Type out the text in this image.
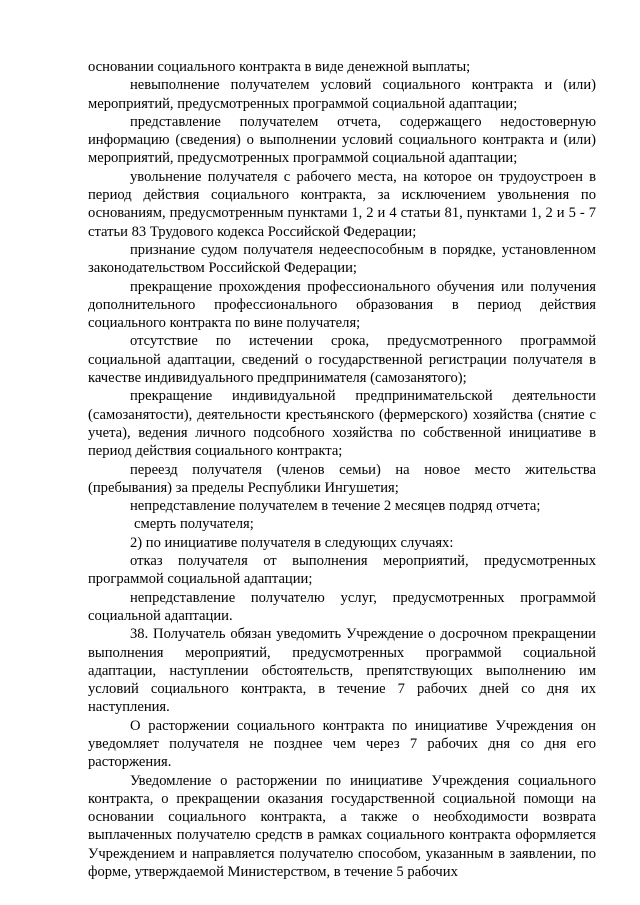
основании социального контракта в виде денежной выплаты;

невыполнение получателем условий социального контракта и (или) мероприятий, предусмотренных программой социальной адаптации;

представление получателем отчета, содержащего недостоверную информацию (сведения) о выполнении условий социального контракта и (или) мероприятий, предусмотренных программой социальной адаптации;

увольнение получателя с рабочего места, на которое он трудоустроен в период действия социального контракта, за исключением увольнения по основаниям, предусмотренным пунктами 1, 2 и 4 статьи 81, пунктами 1, 2 и 5 - 7 статьи 83 Трудового кодекса Российской Федерации;

признание судом получателя недееспособным в порядке, установленном законодательством Российской Федерации;

прекращение прохождения профессионального обучения или получения дополнительного профессионального образования в период действия социального контракта по вине получателя;

отсутствие по истечении срока, предусмотренного программой социальной адаптации, сведений о государственной регистрации получателя в качестве индивидуального предпринимателя (самозанятого);

прекращение индивидуальной предпринимательской деятельности (самозанятости), деятельности крестьянского (фермерского) хозяйства (снятие с учета), ведения личного подсобного хозяйства по собственной инициативе в период действия социального контракта;

переезд получателя (членов семьи) на новое место жительства (пребывания) за пределы Республики Ингушетия;

непредставление получателем в течение 2 месяцев подряд отчета;

смерть получателя;

2) по инициативе получателя в следующих случаях:

отказ получателя от выполнения мероприятий, предусмотренных программой социальной адаптации;

непредставление получателю услуг, предусмотренных программой социальной адаптации.

38. Получатель обязан уведомить Учреждение о досрочном прекращении выполнения мероприятий, предусмотренных программой социальной адаптации, наступлении обстоятельств, препятствующих выполнению им условий социального контракта, в течение 7 рабочих дней со дня их наступления.

О расторжении социального контракта по инициативе Учреждения он уведомляет получателя не позднее чем через 7 рабочих дня со дня его расторжения.

Уведомление о расторжении по инициативе Учреждения социального контракта, о прекращении оказания государственной социальной помощи на основании социального контракта, а также о необходимости возврата выплаченных получателю средств в рамках социального контракта оформляется Учреждением и направляется получателю способом, указанным в заявлении, по форме, утверждаемой Министерством, в течение 5 рабочих
